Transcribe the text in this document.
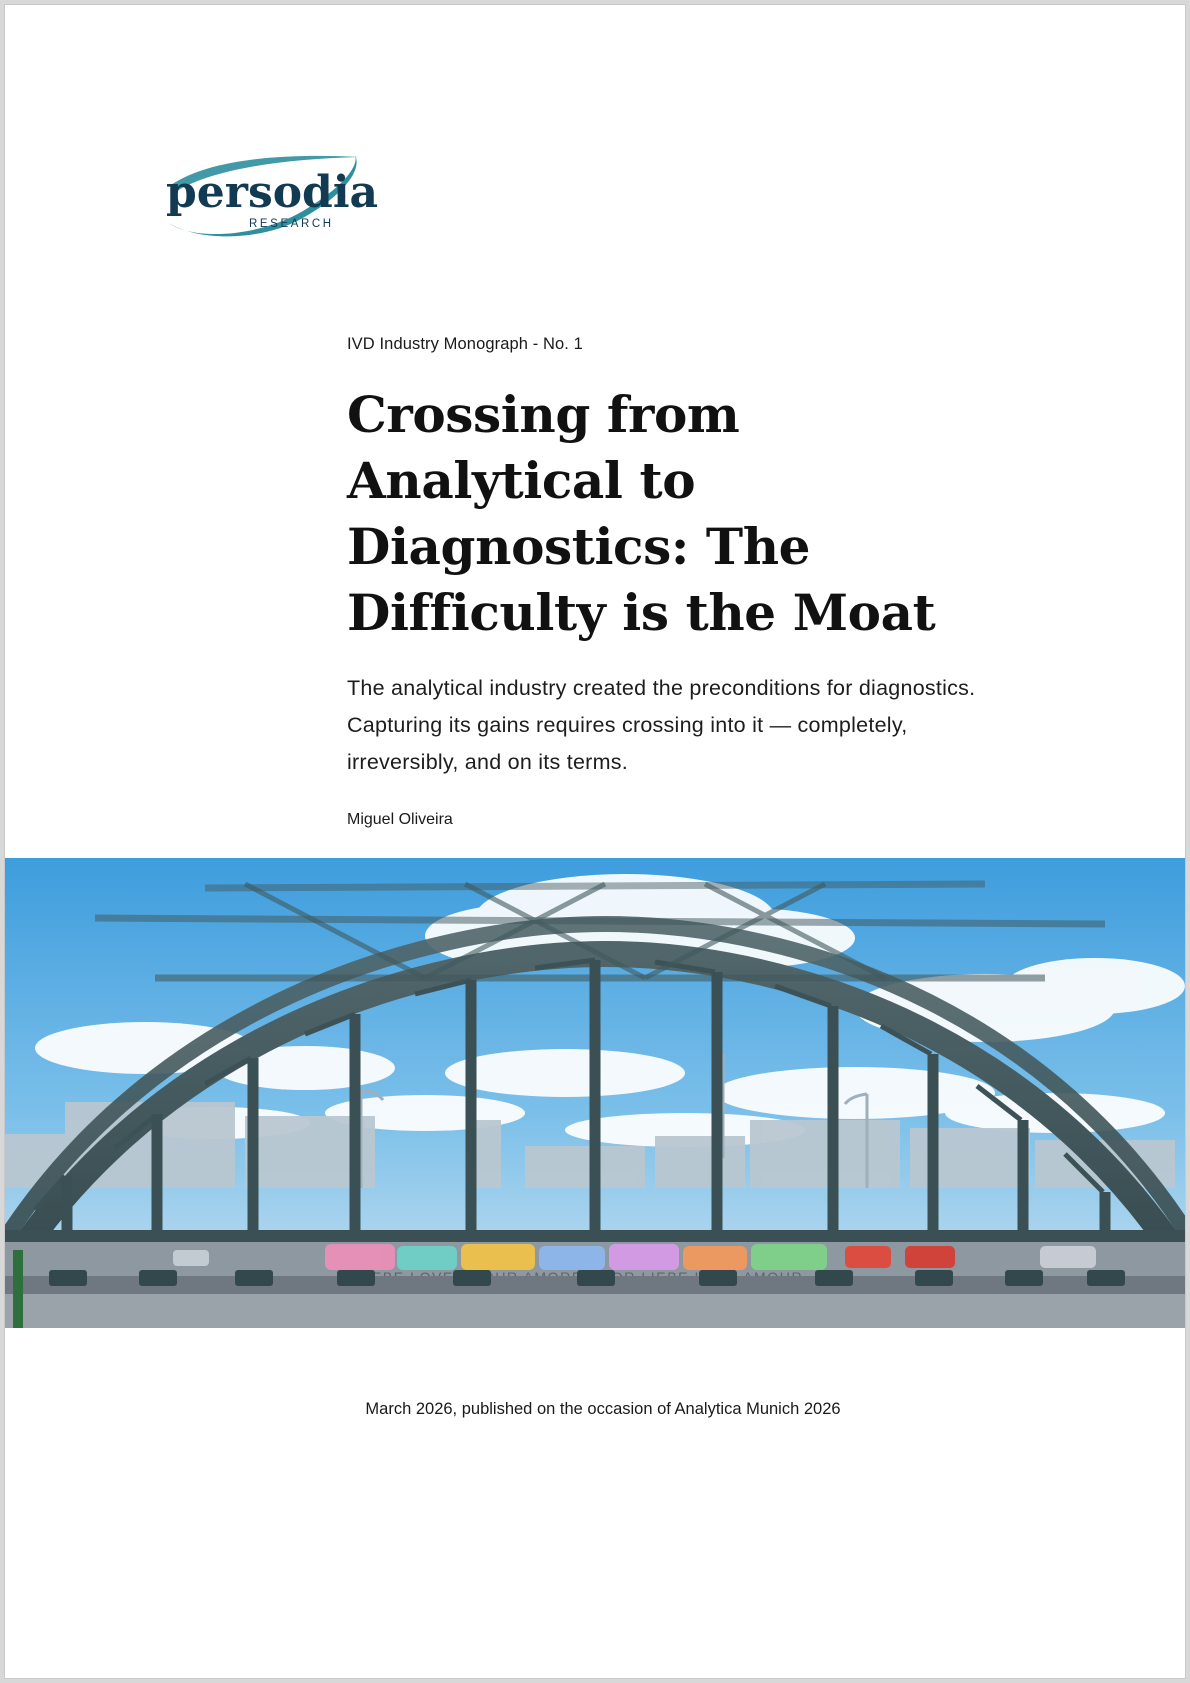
persodia
RESEARCH

IVD Industry Monograph - No. 1

Crossing from Analytical to Diagnostics: The Difficulty is the Moat

The analytical industry created the preconditions for diagnostics. Capturing its gains requires crossing into it — completely, irreversibly, and on its terms.

Miguel Oliveira

March 2026, published on the occasion of Analytica Munich 2026
